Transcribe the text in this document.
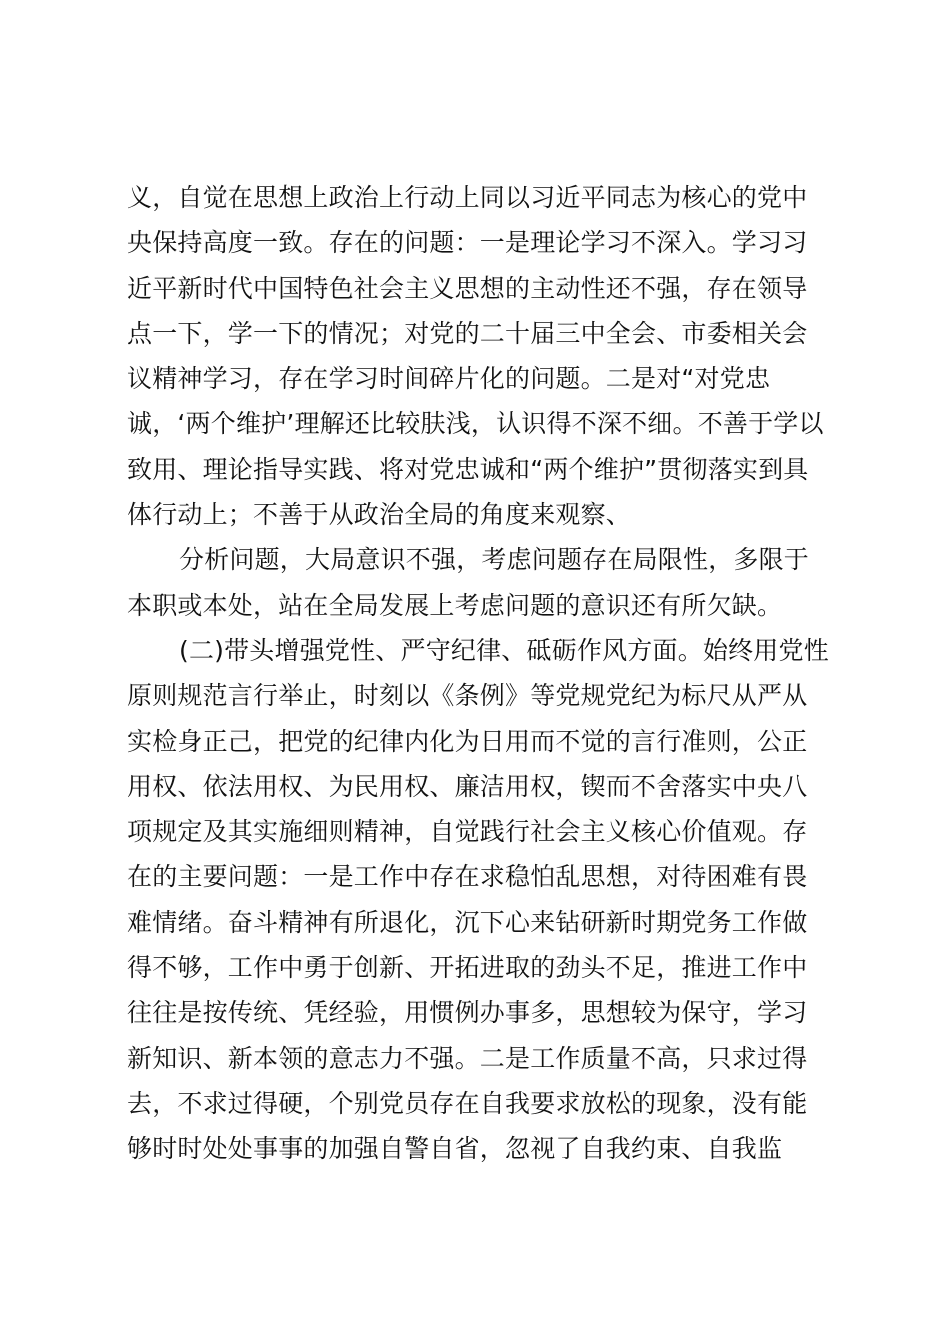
义，自觉在思想上政治上行动上同以习近平同志为核心的党中
央保持高度一致。存在的问题：一是理论学习不深入。学习习
近平新时代中国特色社会主义思想的主动性还不强，存在领导
点一下，学一下的情况；对党的二十届三中全会、市委相关会
议精神学习，存在学习时间碎片化的问题。二是对“对党忠
诚，‘两个维护’理解还比较肤浅，认识得不深不细。不善于学以
致用、理论指导实践、将对党忠诚和“两个维护”贯彻落实到具
体行动上；不善于从政治全局的角度来观察、
分析问题，大局意识不强，考虑问题存在局限性，多限于
本职或本处，站在全局发展上考虑问题的意识还有所欠缺。
(二)带头增强党性、严守纪律、砥砺作风方面。始终用党性
原则规范言行举止，时刻以《条例》等党规党纪为标尺从严从
实检身正己，把党的纪律内化为日用而不觉的言行准则，公正
用权、依法用权、为民用权、廉洁用权，锲而不舍落实中央八
项规定及其实施细则精神，自觉践行社会主义核心价值观。存
在的主要问题：一是工作中存在求稳怕乱思想，对待困难有畏
难情绪。奋斗精神有所退化，沉下心来钻研新时期党务工作做
得不够，工作中勇于创新、开拓进取的劲头不足，推进工作中
往往是按传统、凭经验，用惯例办事多，思想较为保守，学习
新知识、新本领的意志力不强。二是工作质量不高，只求过得
去，不求过得硬，个别党员存在自我要求放松的现象，没有能
够时时处处事事的加强自警自省，忽视了自我约束、自我监
